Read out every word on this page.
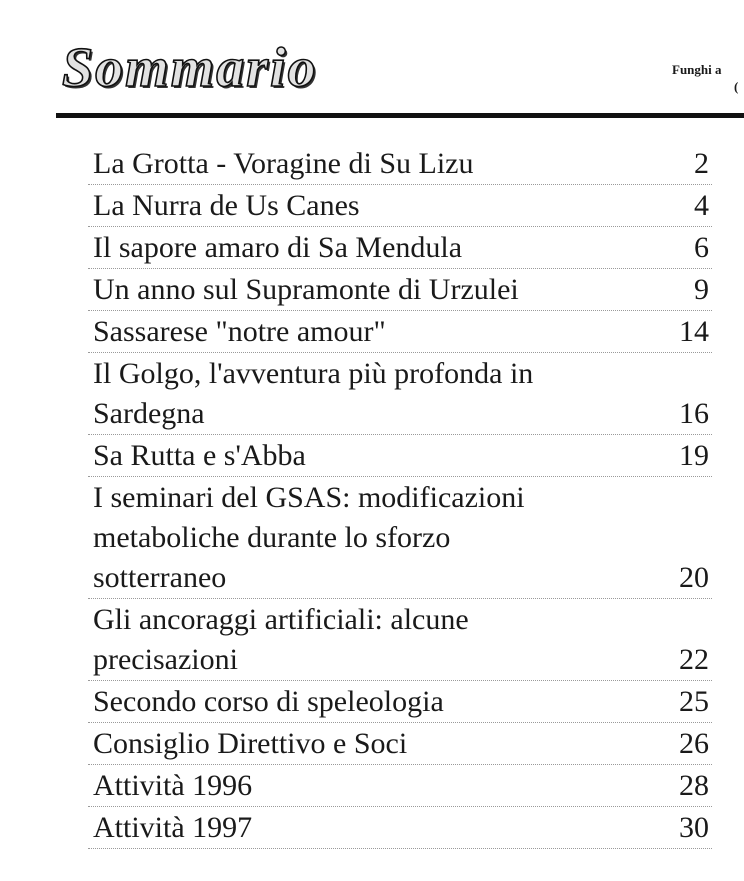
Sommario	Funghi a
(
La Grotta - Voragine di Su Lizu	2
La Nurra de Us Canes	4
Il sapore amaro di Sa Mendula	6
Un anno sul Supramonte di Urzulei	9
Sassarese "notre amour"	14
Il Golgo, l'avventura più profonda in
Sardegna	16
Sa Rutta e s'Abba	19
I seminari del GSAS: modificazioni
metaboliche durante lo sforzo
sotterraneo	20
Gli ancoraggi artificiali: alcune
precisazioni	22
Secondo corso di speleologia	25
Consiglio Direttivo e Soci	26
Attività 1996	28
Attività 1997	30
